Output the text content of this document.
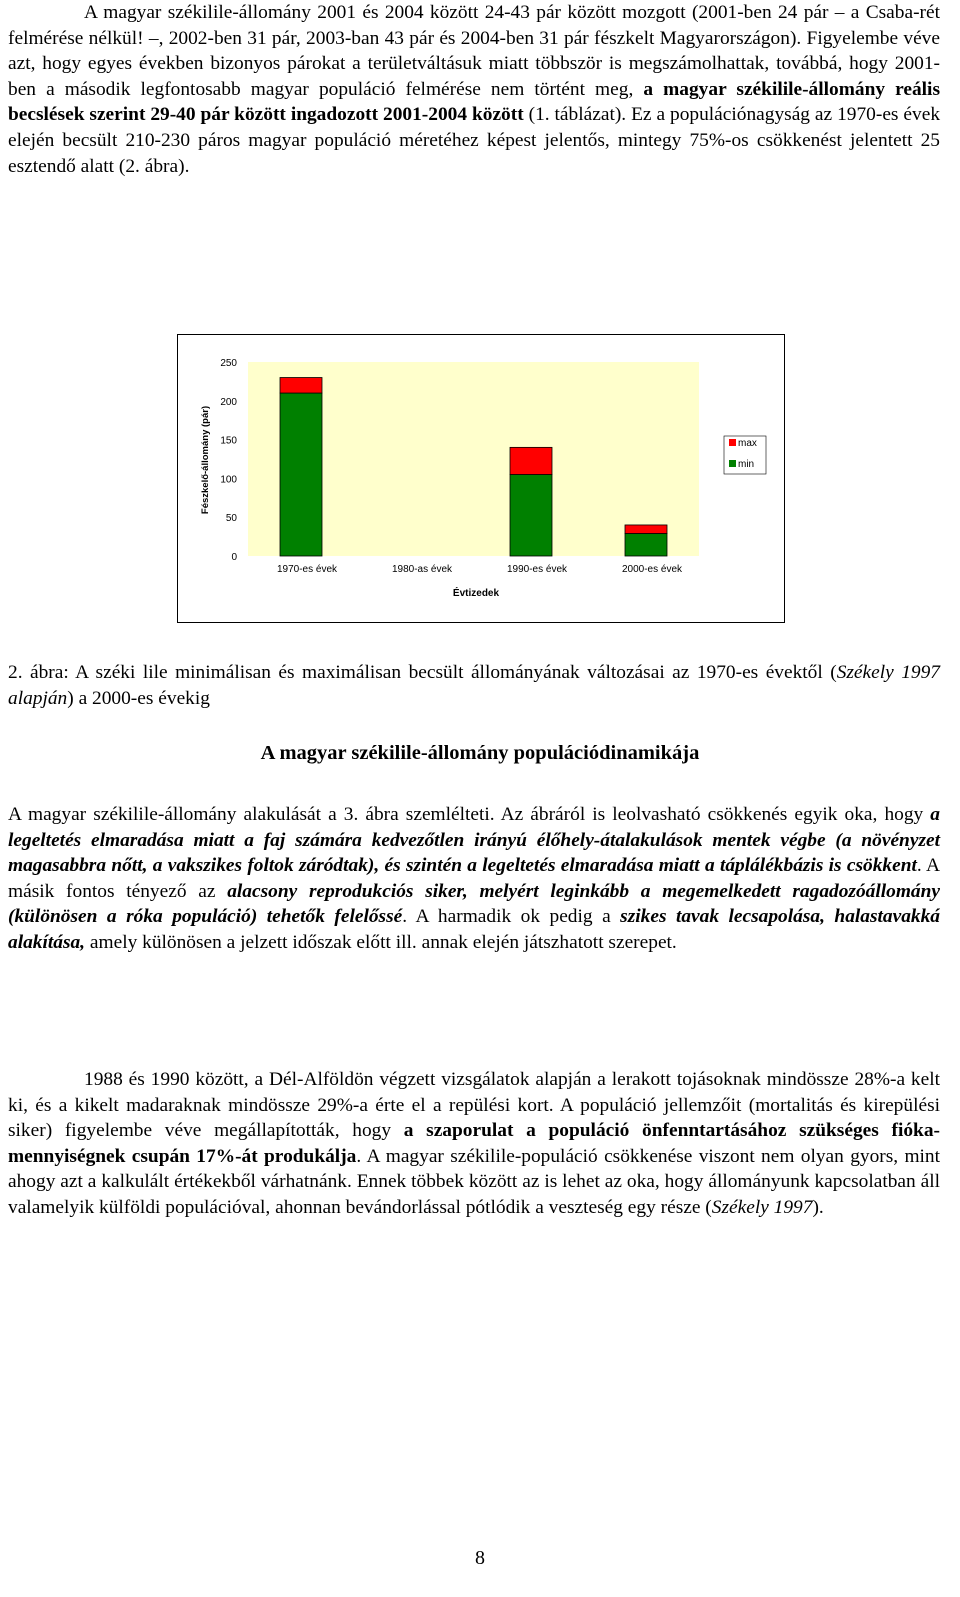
A magyar székilile-állomány 2001 és 2004 között 24-43 pár között mozgott (2001-ben 24 pár – a Csaba-rét felmérése nélkül! –, 2002-ben 31 pár, 2003-ban 43 pár és 2004-ben 31 pár fészkelt Magyarországon). Figyelembe véve azt, hogy egyes években bizonyos párokat a területváltásuk miatt többször is megszámolhattak, továbbá, hogy 2001-ben a második legfontosabb magyar populáció felmérése nem történt meg, a magyar székilile-állomány reális becslések szerint 29-40 pár között ingadozott 2001-2004 között (1. táblázat). Ez a populációnagyság az 1970-es évek elején becsült 210-230 páros magyar populáció méretéhez képest jelentős, mintegy 75%-os csökkenést jelentett 25 esztendő alatt (2. ábra).

0
50
100
150
200
250
1970-es évek	1980-as évek	1990-es évek	2000-es évek
Évtizedek
Fészkelő-állomány (pár)	max
min

2. ábra: A széki lile minimálisan és maximálisan becsült állományának változásai az 1970-es évektől (Székely 1997 alapján) a 2000-es évekig

A magyar székilile-állomány populációdinamikája

A magyar székilile-állomány alakulását a 3. ábra szemlélteti. Az ábráról is leolvasható csökkenés egyik oka, hogy a legeltetés elmaradása miatt a faj számára kedvezőtlen irányú élőhely-átalakulások mentek végbe (a növényzet magasabbra nőtt, a vakszikes foltok záródtak), és szintén a legeltetés elmaradása miatt a táplálékbázis is csökkent. A másik fontos tényező az alacsony reprodukciós siker, melyért leginkább a megemelkedett ragadozóállomány (különösen a róka populáció) tehetők felelőssé. A harmadik ok pedig a szikes tavak lecsapolása, halastavakká alakítása, amely különösen a jelzett időszak előtt ill. annak elején játszhatott szerepet.

1988 és 1990 között, a Dél-Alföldön végzett vizsgálatok alapján a lerakott tojásoknak mindössze 28%-a kelt ki, és a kikelt madaraknak mindössze 29%-a érte el a repülési kort. A populáció jellemzőit (mortalitás és kirepülési siker) figyelembe véve megállapították, hogy a szaporulat a populáció önfenntartásához szükséges fióka-mennyiségnek csupán 17%-át produkálja. A magyar székilile-populáció csökkenése viszont nem olyan gyors, mint ahogy azt a kalkulált értékekből várhatnánk. Ennek többek között az is lehet az oka, hogy állományunk kapcsolatban áll valamelyik külföldi populációval, ahonnan bevándorlással pótlódik a veszteség egy része (Székely 1997).

8
